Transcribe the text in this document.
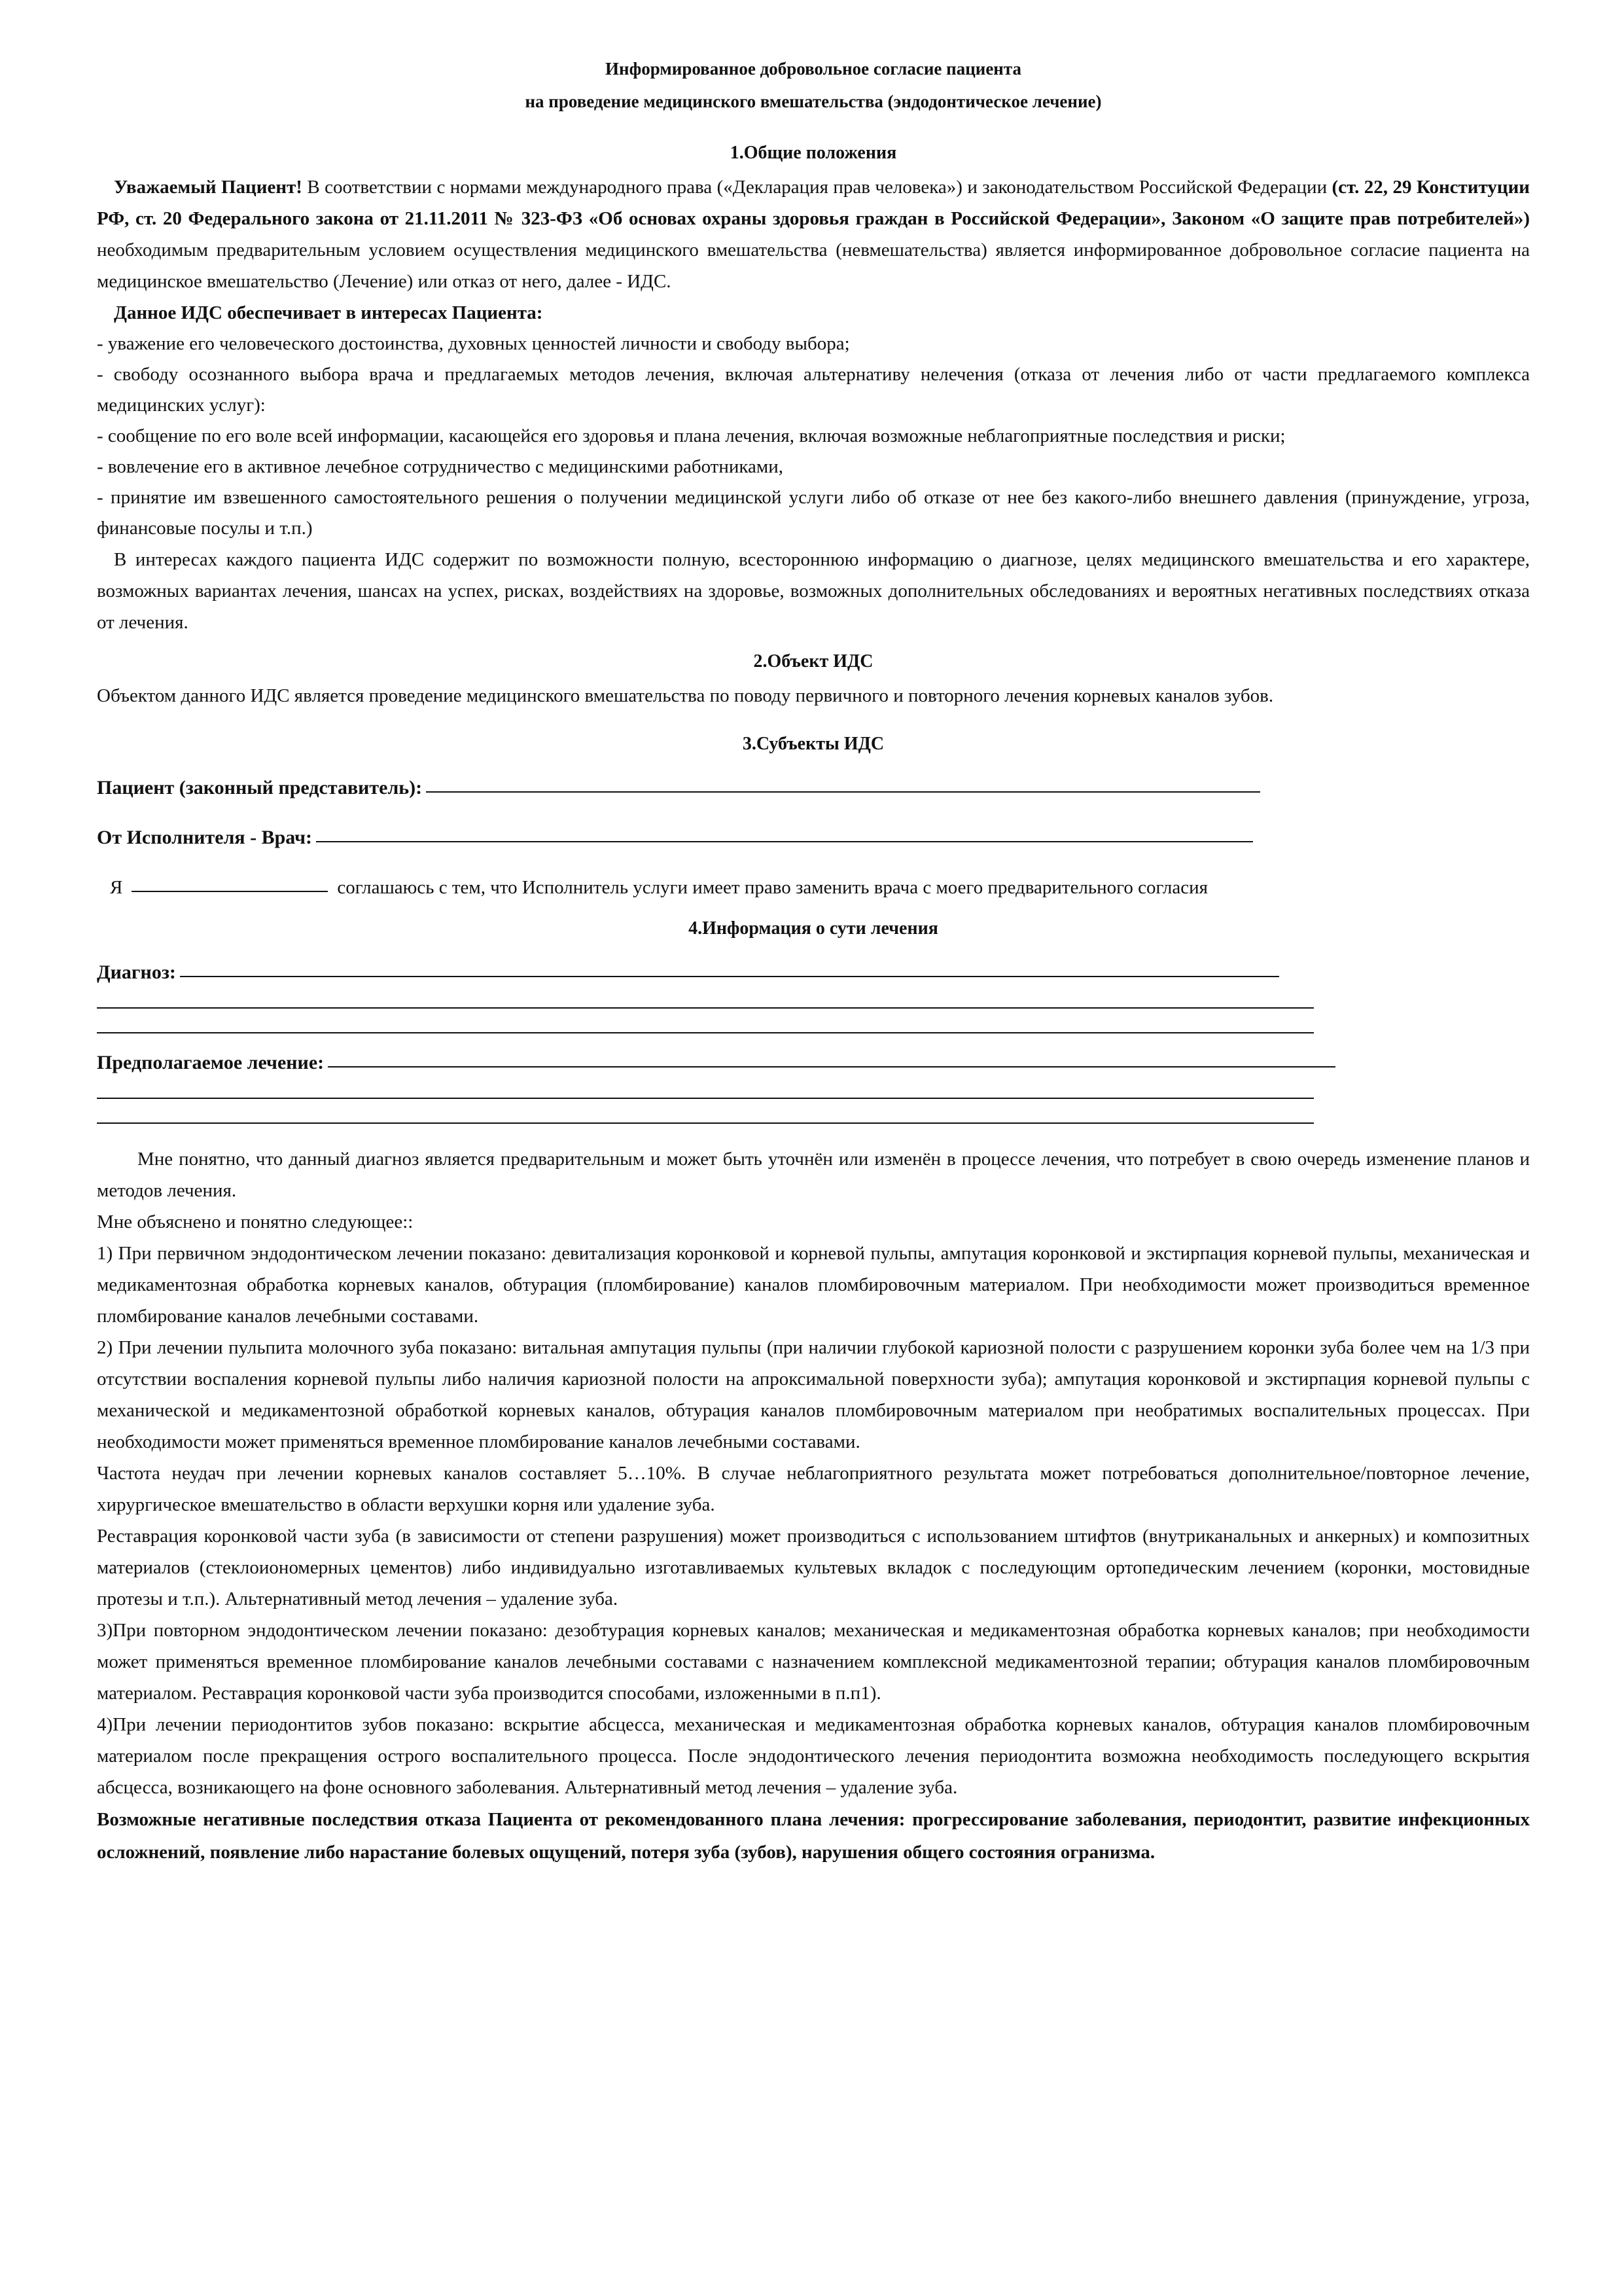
Информированное добровольное согласие пациента
на проведение медицинского вмешательства (эндодонтическое лечение)
1.Общие положения

Уважаемый Пациент! В соответствии с нормами международного права («Декларация прав человека») и законодательством Российской Федерации (ст. 22, 29 Конституции РФ, ст. 20 Федерального закона от 21.11.2011 № 323-ФЗ «Об основах охраны здоровья граждан в Российской Федерации», Законом «О защите прав потребителей») необходимым предварительным условием осуществления медицинского вмешательства (невмешательства) является информированное добровольное согласие пациента на медицинское вмешательство (Лечение) или отказ от него, далее - ИДС.

Данное ИДС обеспечивает в интересах Пациента:

- уважение его человеческого достоинства, духовных ценностей личности и свободу выбора;

- свободу осознанного выбора врача и предлагаемых методов лечения, включая альтернативу нелечения (отказа от лечения либо от части предлагаемого комплекса медицинских услуг):

- сообщение по его воле всей информации, касающейся его здоровья и плана лечения, включая возможные неблагоприятные последствия и риски;

- вовлечение его в активное лечебное сотрудничество с медицинскими работниками,

- принятие им взвешенного самостоятельного решения о получении медицинской услуги либо об отказе от нее без какого-либо внешнего давления (принуждение, угроза, финансовые посулы и т.п.)

В интересах каждого пациента ИДС содержит по возможности полную, всестороннюю информацию о диагнозе, целях медицинского вмешательства и его характере, возможных вариантах лечения, шансах на успех, рисках, воздействиях на здоровье, возможных дополнительных обследованиях и вероятных негативных последствиях отказа от лечения.

2.Объект ИДС

Объектом данного ИДС является проведение медицинского вмешательства по поводу первичного и повторного лечения корневых каналов зубов.

3.Субъекты ИДС
Пациент (законный представитель):
От Исполнителя - Врач:
Я	соглашаюсь с тем, что Исполнитель услуги имеет право заменить врача с моего предварительного согласия
4.Информация о сути лечения
Диагноз:
Предполагаемое лечение:

Мне понятно, что данный диагноз является предварительным и может быть уточнён или изменён в процессе лечения, что потребует в свою очередь изменение планов и методов лечения.

Мне объяснено и понятно следующее::

1) При первичном эндодонтическом лечении показано: девитализация коронковой и корневой пульпы, ампутация коронковой и экстирпация корневой пульпы, механическая и медикаментозная обработка корневых каналов, обтурация (пломбирование) каналов пломбировочным материалом. При необходимости может производиться временное пломбирование каналов лечебными составами.

2) При лечении пульпита молочного зуба показано: витальная ампутация пульпы (при наличии глубокой кариозной полости с разрушением коронки зуба более чем на 1/3 при отсутствии воспаления корневой пульпы либо наличия кариозной полости на апроксимальной поверхности зуба); ампутация коронковой и экстирпация корневой пульпы с механической и медикаментозной обработкой корневых каналов, обтурация каналов пломбировочным материалом при необратимых воспалительных процессах. При необходимости может применяться временное пломбирование каналов лечебными составами.

Частота неудач при лечении корневых каналов составляет 5…10%. В случае неблагоприятного результата может потребоваться дополнительное/повторное лечение, хирургическое вмешательство в области верхушки корня или удаление зуба.

Реставрация коронковой части зуба (в зависимости от степени разрушения) может производиться с использованием штифтов (внутриканальных и анкерных) и композитных материалов (стеклоиономерных цементов) либо индивидуально изготавливаемых культевых вкладок с последующим ортопедическим лечением (коронки, мостовидные протезы и т.п.). Альтернативный метод лечения – удаление зуба.

3)При повторном эндодонтическом лечении показано: дезобтурация корневых каналов; механическая и медикаментозная обработка корневых каналов; при необходимости может применяться временное пломбирование каналов лечебными составами с назначением комплексной медикаментозной терапии; обтурация каналов пломбировочным материалом. Реставрация коронковой части зуба производится способами, изложенными в п.п1).

4)При лечении периодонтитов зубов показано: вскрытие абсцесса, механическая и медикаментозная обработка корневых каналов, обтурация каналов пломбировочным материалом после прекращения острого воспалительного процесса. После эндодонтического лечения периодонтита возможна необходимость последующего вскрытия абсцесса, возникающего на фоне основного заболевания. Альтернативный метод лечения – удаление зуба.

Возможные негативные последствия отказа Пациента от рекомендованного плана лечения: прогрессирование заболевания, периодонтит, развитие инфекционных осложнений, появление либо нарастание болевых ощущений, потеря зуба (зубов), нарушения общего состояния огранизма.
